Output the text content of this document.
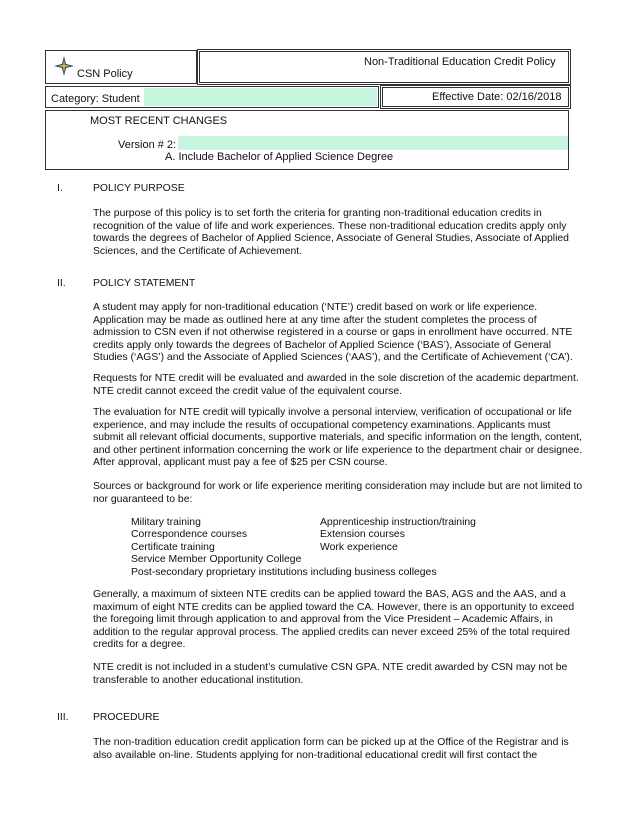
CSN Policy
Non-Traditional Education Credit Policy
Category: Student	Effective Date: 02/16/2018
MOST RECENT CHANGES
Version # 2:
A. Include Bachelor of Applied Science Degree
I.	POLICY PURPOSE

The purpose of this policy is to set forth the criteria for granting non-traditional education credits in recognition of the value of life and work experiences. These non-traditional education credits apply only towards the degrees of Bachelor of Applied Science, Associate of General Studies, Associate of Applied Sciences, and the Certificate of Achievement.

II.	POLICY STATEMENT

A student may apply for non-traditional education (‘NTE’) credit based on work or life experience. Application may be made as outlined here at any time after the student completes the process of admission to CSN even if not otherwise registered in a course or gaps in enrollment have occurred. NTE credits apply only towards the degrees of Bachelor of Applied Science (‘BAS’), Associate of General Studies (‘AGS’) and the Associate of Applied Sciences (‘AAS’), and the Certificate of Achievement (‘CA’).

Requests for NTE credit will be evaluated and awarded in the sole discretion of the academic department. NTE credit cannot exceed the credit value of the equivalent course.

The evaluation for NTE credit will typically involve a personal interview, verification of occupational or life experience, and may include the results of occupational competency examinations. Applicants must submit all relevant official documents, supportive materials, and specific information on the length, content, and other pertinent information concerning the work or life experience to the department chair or designee. After approval, applicant must pay a fee of $25 per CSN course.

Sources or background for work or life experience meriting consideration may include but are not limited to nor guaranteed to be:

Military training	Apprenticeship instruction/training
Correspondence courses	Extension courses
Certificate training	Work experience
Service Member Opportunity College
Post-secondary proprietary institutions including business colleges

Generally, a maximum of sixteen NTE credits can be applied toward the BAS, AGS and the AAS, and a maximum of eight NTE credits can be applied toward the CA. However, there is an opportunity to exceed the foregoing limit through application to and approval from the Vice President – Academic Affairs, in addition to the regular approval process. The applied credits can never exceed 25% of the total required credits for a degree.

NTE credit is not included in a student’s cumulative CSN GPA. NTE credit awarded by CSN may not be transferable to another educational institution.

III. PROCEDURE

The non-tradition education credit application form can be picked up at the Office of the Registrar and is also available on-line. Students applying for non-traditional educational credit will first contact the
